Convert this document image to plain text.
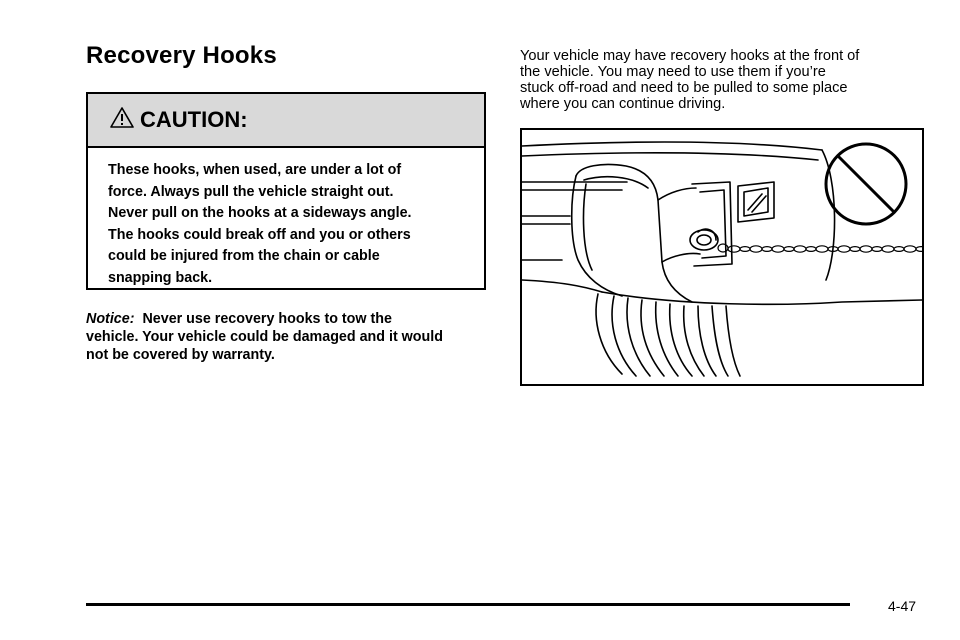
Recovery Hooks
CAUTION:
These hooks, when used, are under a lot of
force. Always pull the vehicle straight out.
Never pull on the hooks at a sideways angle.
The hooks could break off and you or others
could be injured from the chain or cable
snapping back.
Notice: Never use recovery hooks to tow the
vehicle. Your vehicle could be damaged and it would
not be covered by warranty.
Your vehicle may have recovery hooks at the front of
the vehicle. You may need to use them if you’re
stuck off-road and need to be pulled to some place
where you can continue driving.
4-47
